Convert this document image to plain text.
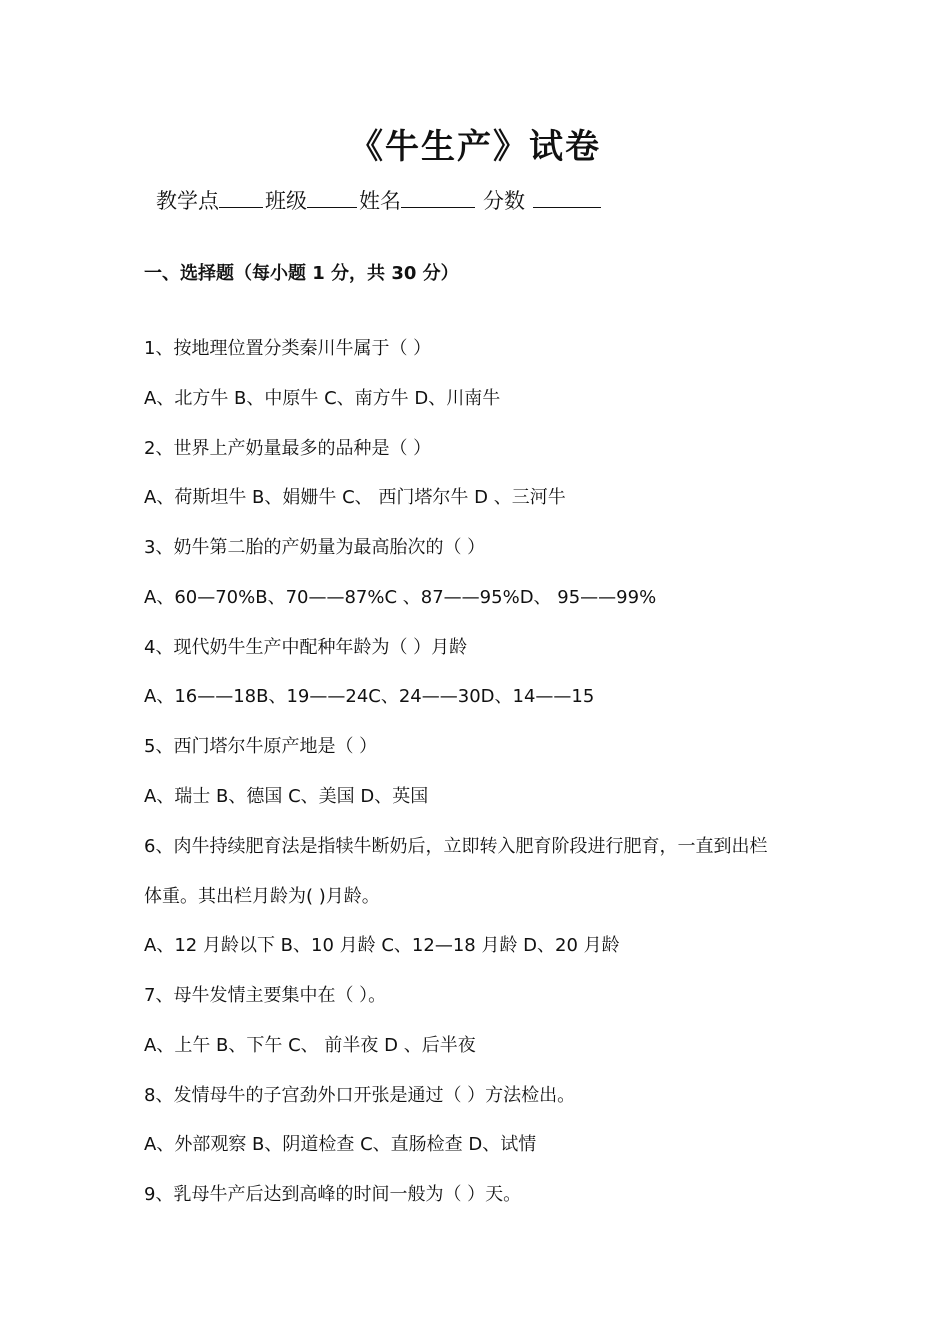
《牛生产》试卷
教学点 班级 姓名	分数
一、选择题（每小题 1 分，共 30 分）
1、按地理位置分类秦川牛属于（ ）
A、北方牛 B、中原牛 C、南方牛 D、川南牛
2、世界上产奶量最多的品种是（ ）
A、荷斯坦牛 B、娟姗牛 C、 西门塔尔牛 D 、三河牛
3、奶牛第二胎的产奶量为最高胎次的（ ）
A、60—70%B、70——87%C 、87——95%D、 95——99%
4、现代奶牛生产中配种年龄为（ ）月龄
A、16——18B、19——24C、24——30D、14——15
5、西门塔尔牛原产地是（ ）
A、瑞士 B、德国 C、美国 D、英国
6、肉牛持续肥育法是指犊牛断奶后，立即转入肥育阶段进行肥育，一直到出栏
体重。其出栏月龄为( )月龄。
A、12 月龄以下 B、10 月龄 C、12—18 月龄 D、20 月龄
7、母牛发情主要集中在（ ）。
A、上午 B、下午 C、 前半夜 D 、后半夜
8、发情母牛的子宫劲外口开张是通过（ ）方法检出。
A、外部观察 B、阴道检查 C、直肠检查 D、试情
9、乳母牛产后达到高峰的时间一般为（ ）天。
